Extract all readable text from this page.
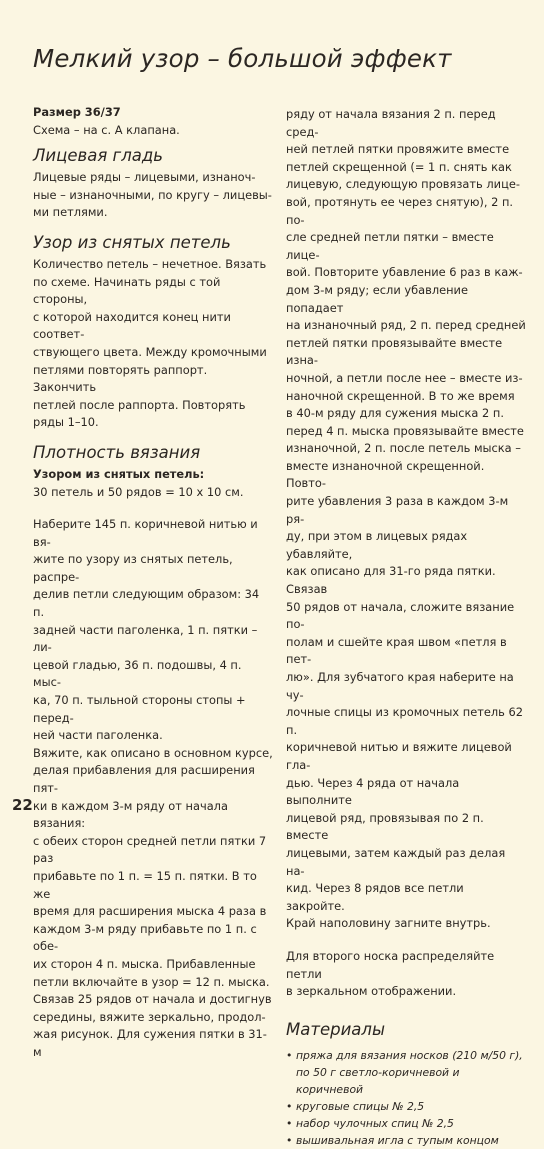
Мелкий узор – большой эффект

Размер 36/37

Схема – на с. А клапана.

Лицевая гладь

Лицевые ряды – лицевыми, изнаноч-

ные – изнаночными, по кругу – лицевы-

ми петлями.

Узор из снятых петель

Количество петель – нечетное. Вязать

по схеме. Начинать ряды с той стороны,

с которой находится конец нити соответ-

ствующего цвета. Между кромочными

петлями повторять раппорт. Закончить

петлей после раппорта. Повторять

ряды 1–10.

Плотность вязания

Узором из снятых петель:

30 петель и 50 рядов = 10 х 10 см.

Наберите 145 п. коричневой нитью и вя-

жите по узору из снятых петель, распре-

делив петли следующим образом: 34 п.

задней части паголенка, 1 п. пятки – ли-

цевой гладью, 36 п. подошвы, 4 п. мыс-

ка, 70 п. тыльной стороны стопы + перед-

ней части паголенка.

Вяжите, как описано в основном курсе,

делая прибавления для расширения пят-

ки в каждом 3-м ряду от начала вязания:

с обеих сторон средней петли пятки 7 раз

прибавьте по 1 п. = 15 п. пятки. В то же

время для расширения мыска 4 раза в

каждом 3-м ряду прибавьте по 1 п. с обе-

их сторон 4 п. мыска. Прибавленные

петли включайте в узор = 12 п. мыска.

Связав 25 рядов от начала и достигнув

середины, вяжите зеркально, продол-

жая рисунок. Для сужения пятки в 31-м

ряду от начала вязания 2 п. перед сред-

ней петлей пятки провяжите вместе

петлей скрещенной (= 1 п. снять как

лицевую, следующую провязать лице-

вой, протянуть ее через снятую), 2 п. по-

сле средней петли пятки – вместе лице-

вой. Повторите убавление 6 раз в каж-

дом 3-м ряду; если убавление попадает

на изнаночный ряд, 2 п. перед средней

петлей пятки провязывайте вместе изна-

ночной, а петли после нее – вместе из-

наночной скрещенной. В то же время

в 40-м ряду для сужения мыска 2 п.

перед 4 п. мыска провязывайте вместе

изнаночной, 2 п. после петель мыска –

вместе изнаночной скрещенной. Повто-

рите убавления 3 раза в каждом 3-м ря-

ду, при этом в лицевых рядах убавляйте,

как описано для 31-го ряда пятки. Связав

50 рядов от начала, сложите вязание по-

полам и сшейте края швом «петля в пет-

лю». Для зубчатого края наберите на чу-

лочные спицы из кромочных петель 62 п.

коричневой нитью и вяжите лицевой гла-

дью. Через 4 ряда от начала выполните

лицевой ряд, провязывая по 2 п. вместе

лицевыми, затем каждый раз делая на-

кид. Через 8 рядов все петли закройте.

Край наполовину загните внутрь.

Для второго носка распределяйте петли

в зеркальном отображении.

Материалы
• пряжа для вязания носков (210 м/50 г),
по 50 г светло-коричневой и коричневой
• круговые спицы № 2,5
• набор чулочных спиц № 2,5
• вышивальная игла с тупым концом
22
